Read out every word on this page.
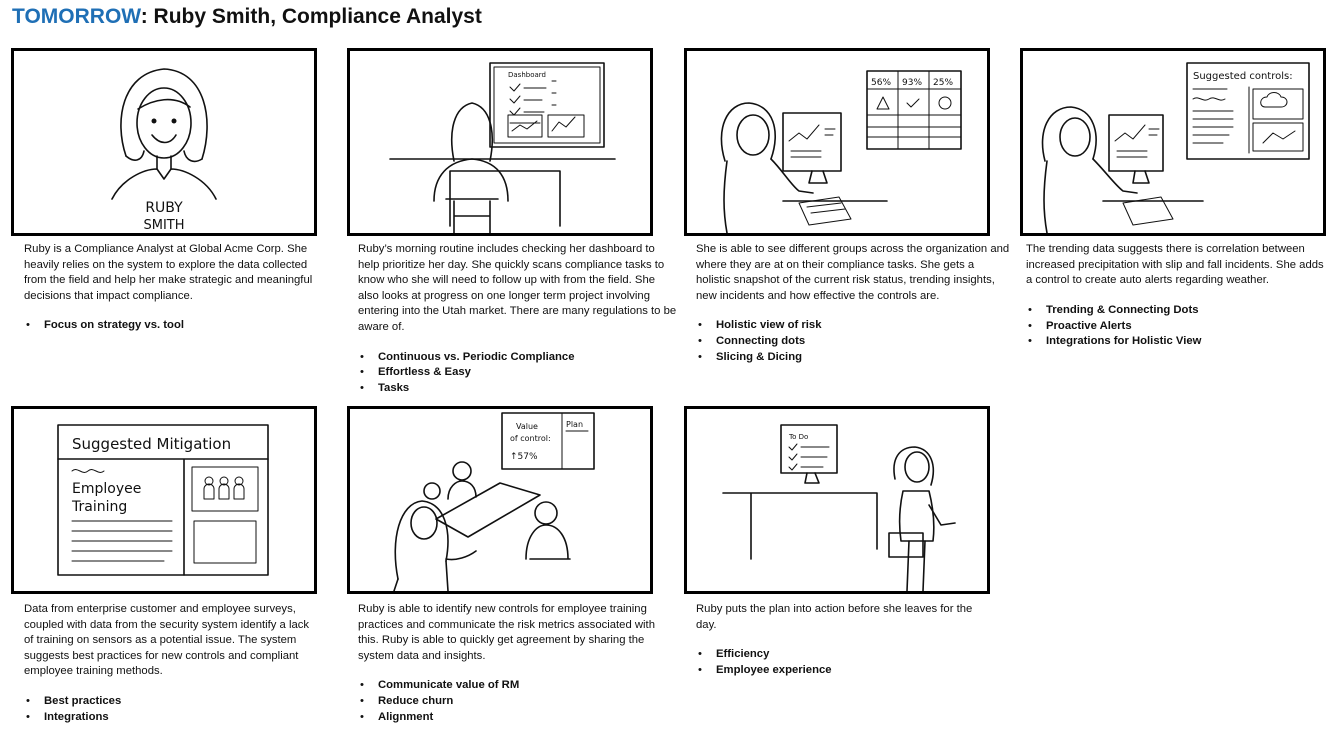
TOMORROW: Ruby Smith, Compliance Analyst
RUBY
SMITH

Ruby is a Compliance Analyst at Global Acme Corp. She heavily relies on the system to explore the data collected from the field and help her make strategic and meaningful decisions that impact compliance.

• Focus on strategy vs. tool
Dashboard

Ruby’s morning routine includes checking her dashboard to help prioritize her day. She quickly scans compliance tasks to know who she will need to follow up with from the field. She also looks at progress on one longer term project involving entering into the Utah market. There are many regulations to be aware of.

• Continuous vs. Periodic Compliance
• Effortless & Easy
• Tasks
56% 93% 25%

She is able to see different groups across the organization and where they are at on their compliance tasks. She gets a holistic snapshot of the current risk status, trending insights, new incidents and how effective the controls are.

• Holistic view of risk
• Connecting dots
• Slicing & Dicing
Suggested controls:

The trending data suggests there is correlation between increased precipitation with slip and fall incidents. She adds a control to create auto alerts regarding weather.

• Trending & Connecting Dots
• Proactive Alerts
• Integrations for Holistic View
Suggested Mitigation
Employee
Training

Data from enterprise customer and employee surveys, coupled with data from the security system identify a lack of training on sensors as a potential issue. The system suggests best practices for new controls and compliant employee training methods.

• Best practices
• Integrations
Value
of control:
↑57%
Plan

Ruby is able to identify new controls for employee training practices and communicate the risk metrics associated with this. Ruby is able to quickly get agreement by sharing the system data and insights.

• Communicate value of RM
• Reduce churn
• Alignment
To Do

Ruby puts the plan into action before she leaves for the day.

• Efficiency
• Employee experience
